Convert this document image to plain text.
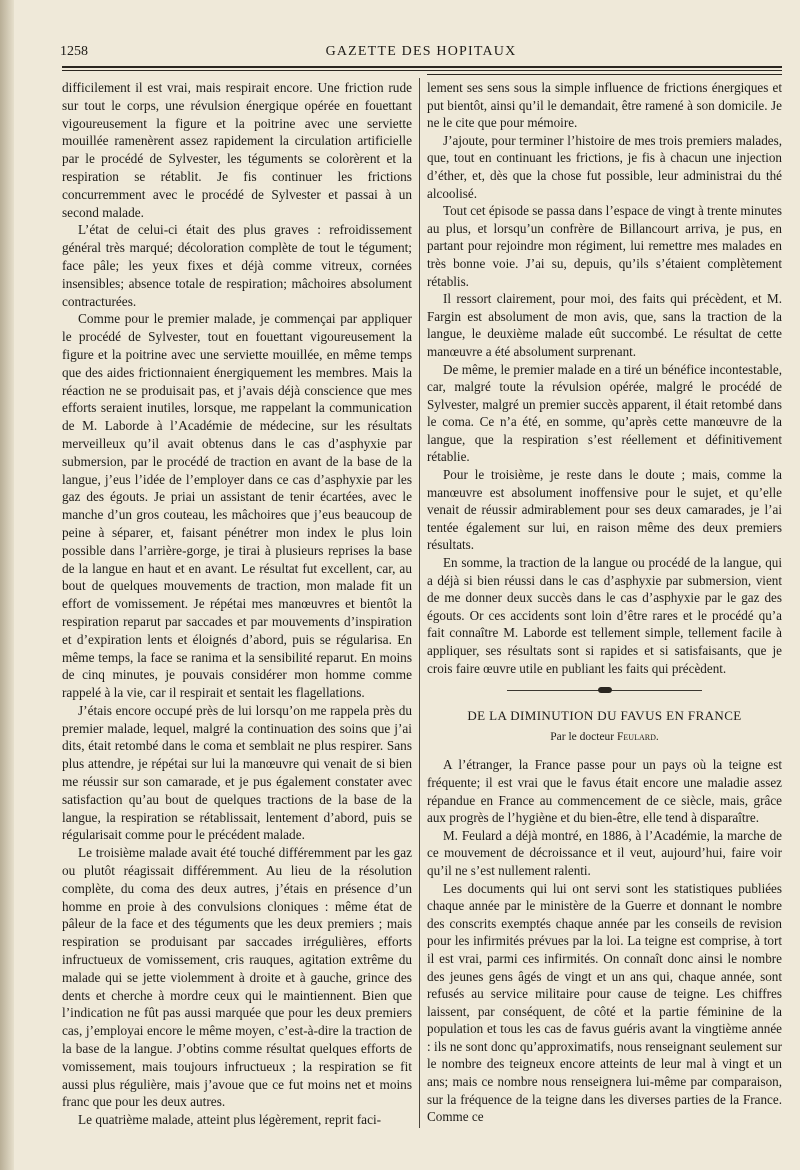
1258	GAZETTE DES HOPITAUX

difficilement il est vrai, mais respirait encore. Une friction rude sur tout le corps, une révulsion énergique opérée en fouettant vigoureusement la figure et la poitrine avec une serviette mouillée ramenèrent assez rapidement la circulation artificielle par le procédé de Sylvester, les téguments se colorèrent et la respiration se rétablit. Je fis continuer les frictions concurremment avec le procédé de Sylvester et passai à un second malade.

L’état de celui-ci était des plus graves : refroidissement général très marqué; décoloration complète de tout le tégument; face pâle; les yeux fixes et déjà comme vitreux, cornées insensibles; absence totale de respiration; mâchoires absolument contracturées.

Comme pour le premier malade, je commençai par appliquer le procédé de Sylvester, tout en fouettant vigoureusement la figure et la poitrine avec une serviette mouillée, en même temps que des aides frictionnaient énergiquement les membres. Mais la réaction ne se produisait pas, et j’avais déjà conscience que mes efforts seraient inutiles, lorsque, me rappelant la communication de M. Laborde à l’Académie de médecine, sur les résultats merveilleux qu’il avait obtenus dans le cas d’asphyxie par submersion, par le procédé de traction en avant de la base de la langue, j’eus l’idée de l’employer dans ce cas d’asphyxie par les gaz des égouts. Je priai un assistant de tenir écartées, avec le manche d’un gros couteau, les mâchoires que j’eus beaucoup de peine à séparer, et, faisant pénétrer mon index le plus loin possible dans l’arrière-gorge, je tirai à plusieurs reprises la base de la langue en haut et en avant. Le résultat fut excellent, car, au bout de quelques mouvements de traction, mon malade fit un effort de vomissement. Je répétai mes manœuvres et bientôt la respiration reparut par saccades et par mouvements d’inspiration et d’expiration lents et éloignés d’abord, puis se régularisa. En même temps, la face se ranima et la sensibilité reparut. En moins de cinq minutes, je pouvais considérer mon homme comme rappelé à la vie, car il respirait et sentait les flagellations.

J’étais encore occupé près de lui lorsqu’on me rappela près du premier malade, lequel, malgré la continuation des soins que j’ai dits, était retombé dans le coma et semblait ne plus respirer. Sans plus attendre, je répétai sur lui la manœuvre qui venait de si bien me réussir sur son camarade, et je pus également constater avec satisfaction qu’au bout de quelques tractions de la base de la langue, la respiration se rétablissait, lentement d’abord, puis se régularisait comme pour le précédent malade.

Le troisième malade avait été touché différemment par les gaz ou plutôt réagissait différemment. Au lieu de la résolution complète, du coma des deux autres, j’étais en présence d’un homme en proie à des convulsions cloniques : même état de pâleur de la face et des téguments que les deux premiers ; mais respiration se produisant par saccades irrégulières, efforts infructueux de vomissement, cris rauques, agitation extrême du malade qui se jette violemment à droite et à gauche, grince des dents et cherche à mordre ceux qui le maintiennent. Bien que l’indication ne fût pas aussi marquée que pour les deux premiers cas, j’employai encore le même moyen, c’est-à-dire la traction de la base de la langue. J’obtins comme résultat quelques efforts de vomissement, mais toujours infructueux ; la respiration se fit aussi plus régulière, mais j’avoue que ce fut moins net et moins franc que pour les deux autres.

Le quatrième malade, atteint plus légèrement, reprit faci-

lement ses sens sous la simple influence de frictions énergiques et put bientôt, ainsi qu’il le demandait, être ramené à son domicile. Je ne le cite que pour mémoire.

J’ajoute, pour terminer l’histoire de mes trois premiers malades, que, tout en continuant les frictions, je fis à chacun une injection d’éther, et, dès que la chose fut possible, leur administrai du thé alcoolisé.

Tout cet épisode se passa dans l’espace de vingt à trente minutes au plus, et lorsqu’un confrère de Billancourt arriva, je pus, en partant pour rejoindre mon régiment, lui remettre mes malades en très bonne voie. J’ai su, depuis, qu’ils s’étaient complètement rétablis.

Il ressort clairement, pour moi, des faits qui précèdent, et M. Fargin est absolument de mon avis, que, sans la traction de la langue, le deuxième malade eût succombé. Le résultat de cette manœuvre a été absolument surprenant.

De même, le premier malade en a tiré un bénéfice incontestable, car, malgré toute la révulsion opérée, malgré le procédé de Sylvester, malgré un premier succès apparent, il était retombé dans le coma. Ce n’a été, en somme, qu’après cette manœuvre de la langue, que la respiration s’est réellement et définitivement rétablie.

Pour le troisième, je reste dans le doute ; mais, comme la manœuvre est absolument inoffensive pour le sujet, et qu’elle venait de réussir admirablement pour ses deux camarades, je l’ai tentée également sur lui, en raison même des deux premiers résultats.

En somme, la traction de la langue ou procédé de la langue, qui a déjà si bien réussi dans le cas d’asphyxie par submersion, vient de me donner deux succès dans le cas d’asphyxie par le gaz des égouts. Or ces accidents sont loin d’être rares et le procédé qu’a fait connaître M. Laborde est tellement simple, tellement facile à appliquer, ses résultats sont si rapides et si satisfaisants, que je crois faire œuvre utile en publiant les faits qui précèdent.

DE LA DIMINUTION DU FAVUS EN FRANCE
Par le docteur Feulard.

A l’étranger, la France passe pour un pays où la teigne est fréquente; il est vrai que le favus était encore une maladie assez répandue en France au commencement de ce siècle, mais, grâce aux progrès de l’hygiène et du bien-être, elle tend à disparaître.

M. Feulard a déjà montré, en 1886, à l’Académie, la marche de ce mouvement de décroissance et il veut, aujourd’hui, faire voir qu’il ne s’est nullement ralenti.

Les documents qui lui ont servi sont les statistiques publiées chaque année par le ministère de la Guerre et donnant le nombre des conscrits exemptés chaque année par les conseils de revision pour les infirmités prévues par la loi. La teigne est comprise, à tort il est vrai, parmi ces infirmités. On connaît donc ainsi le nombre des jeunes gens âgés de vingt et un ans qui, chaque année, sont refusés au service militaire pour cause de teigne. Les chiffres laissent, par conséquent, de côté et la partie féminine de la population et tous les cas de favus guéris avant la vingtième année : ils ne sont donc qu’approximatifs, nous renseignant seulement sur le nombre des teigneux encore atteints de leur mal à vingt et un ans; mais ce nombre nous renseignera lui-même par comparaison, sur la fréquence de la teigne dans les diverses parties de la France. Comme ce
